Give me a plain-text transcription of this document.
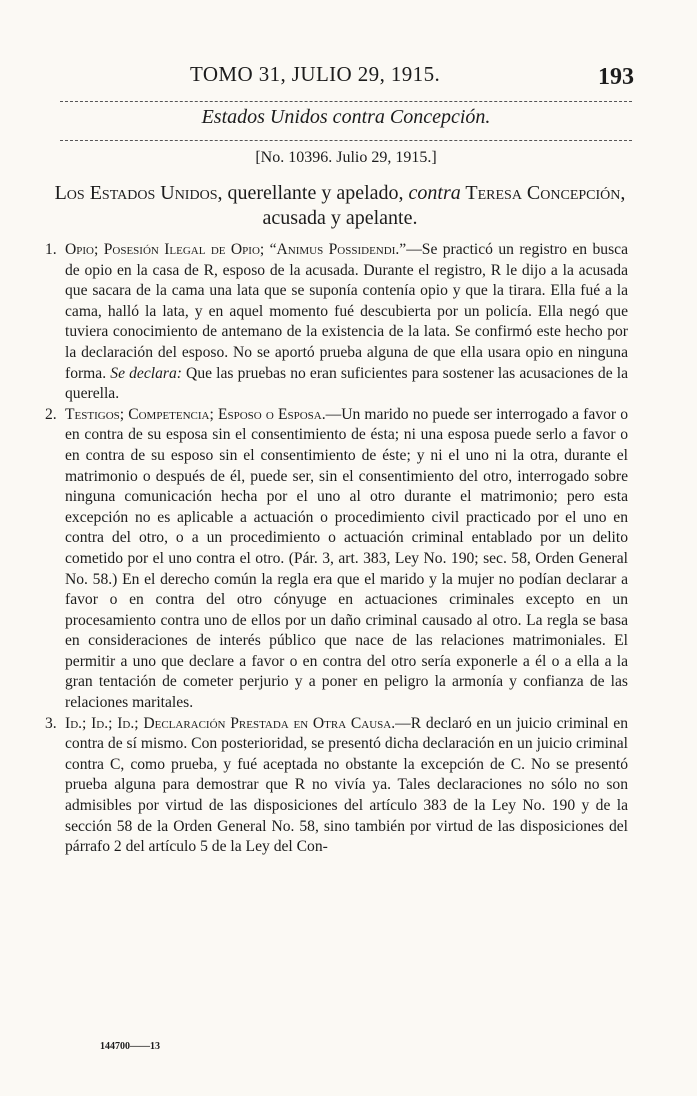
TOMO 31, JULIO 29, 1915.	193
Estados Unidos contra Concepción.
[No. 10396. Julio 29, 1915.]
Los Estados Unidos, querellante y apelado, contra Teresa Concepción, acusada y apelante.

1. Opio; Posesión Ilegal de Opio; “Animus Possidendi.”—Se practicó un registro en busca de opio en la casa de R, esposo de la acusada. Durante el registro, R le dijo a la acusada que sacara de la cama una lata que se suponía contenía opio y que la tirara. Ella fué a la cama, halló la lata, y en aquel momento fué descubierta por un policía. Ella negó que tuviera conocimiento de antemano de la existencia de la lata. Se confirmó este hecho por la declaración del esposo. No se aportó prueba alguna de que ella usara opio en ninguna forma. Se declara: Que las pruebas no eran suficientes para sostener las acusaciones de la querella.

2. Testigos; Competencia; Esposo o Esposa.—Un marido no puede ser interrogado a favor o en contra de su esposa sin el consentimiento de ésta; ni una esposa puede serlo a favor o en contra de su esposo sin el consentimiento de éste; y ni el uno ni la otra, durante el matrimonio o después de él, puede ser, sin el consentimiento del otro, interrogado sobre ninguna comunicación hecha por el uno al otro durante el matrimonio; pero esta excepción no es aplicable a actuación o procedimiento civil practicado por el uno en contra del otro, o a un procedimiento o actuación criminal entablado por un delito cometido por el uno contra el otro. (Pár. 3, art. 383, Ley No. 190; sec. 58, Orden General No. 58.) En el derecho común la regla era que el marido y la mujer no podían declarar a favor o en contra del otro cónyuge en actuaciones criminales excepto en un procesamiento contra uno de ellos por un daño criminal causado al otro. La regla se basa en consideraciones de interés público que nace de las relaciones matrimoniales. El permitir a uno que declare a favor o en contra del otro sería exponerle a él o a ella a la gran tentación de cometer perjurio y a poner en peligro la armonía y confianza de las relaciones maritales.

3. Id.; Id.; Id.; Declaración Prestada en Otra Causa.—R declaró en un juicio criminal en contra de sí mismo. Con posterioridad, se presentó dicha declaración en un juicio criminal contra C, como prueba, y fué aceptada no obstante la excepción de C. No se presentó prueba alguna para demostrar que R no vivía ya. Tales declaraciones no sólo no son admisibles por virtud de las disposiciones del artículo 383 de la Ley No. 190 y de la sección 58 de la Orden General No. 58, sino también por virtud de las disposiciones del párrafo 2 del artículo 5 de la Ley del Con-

144700——13
